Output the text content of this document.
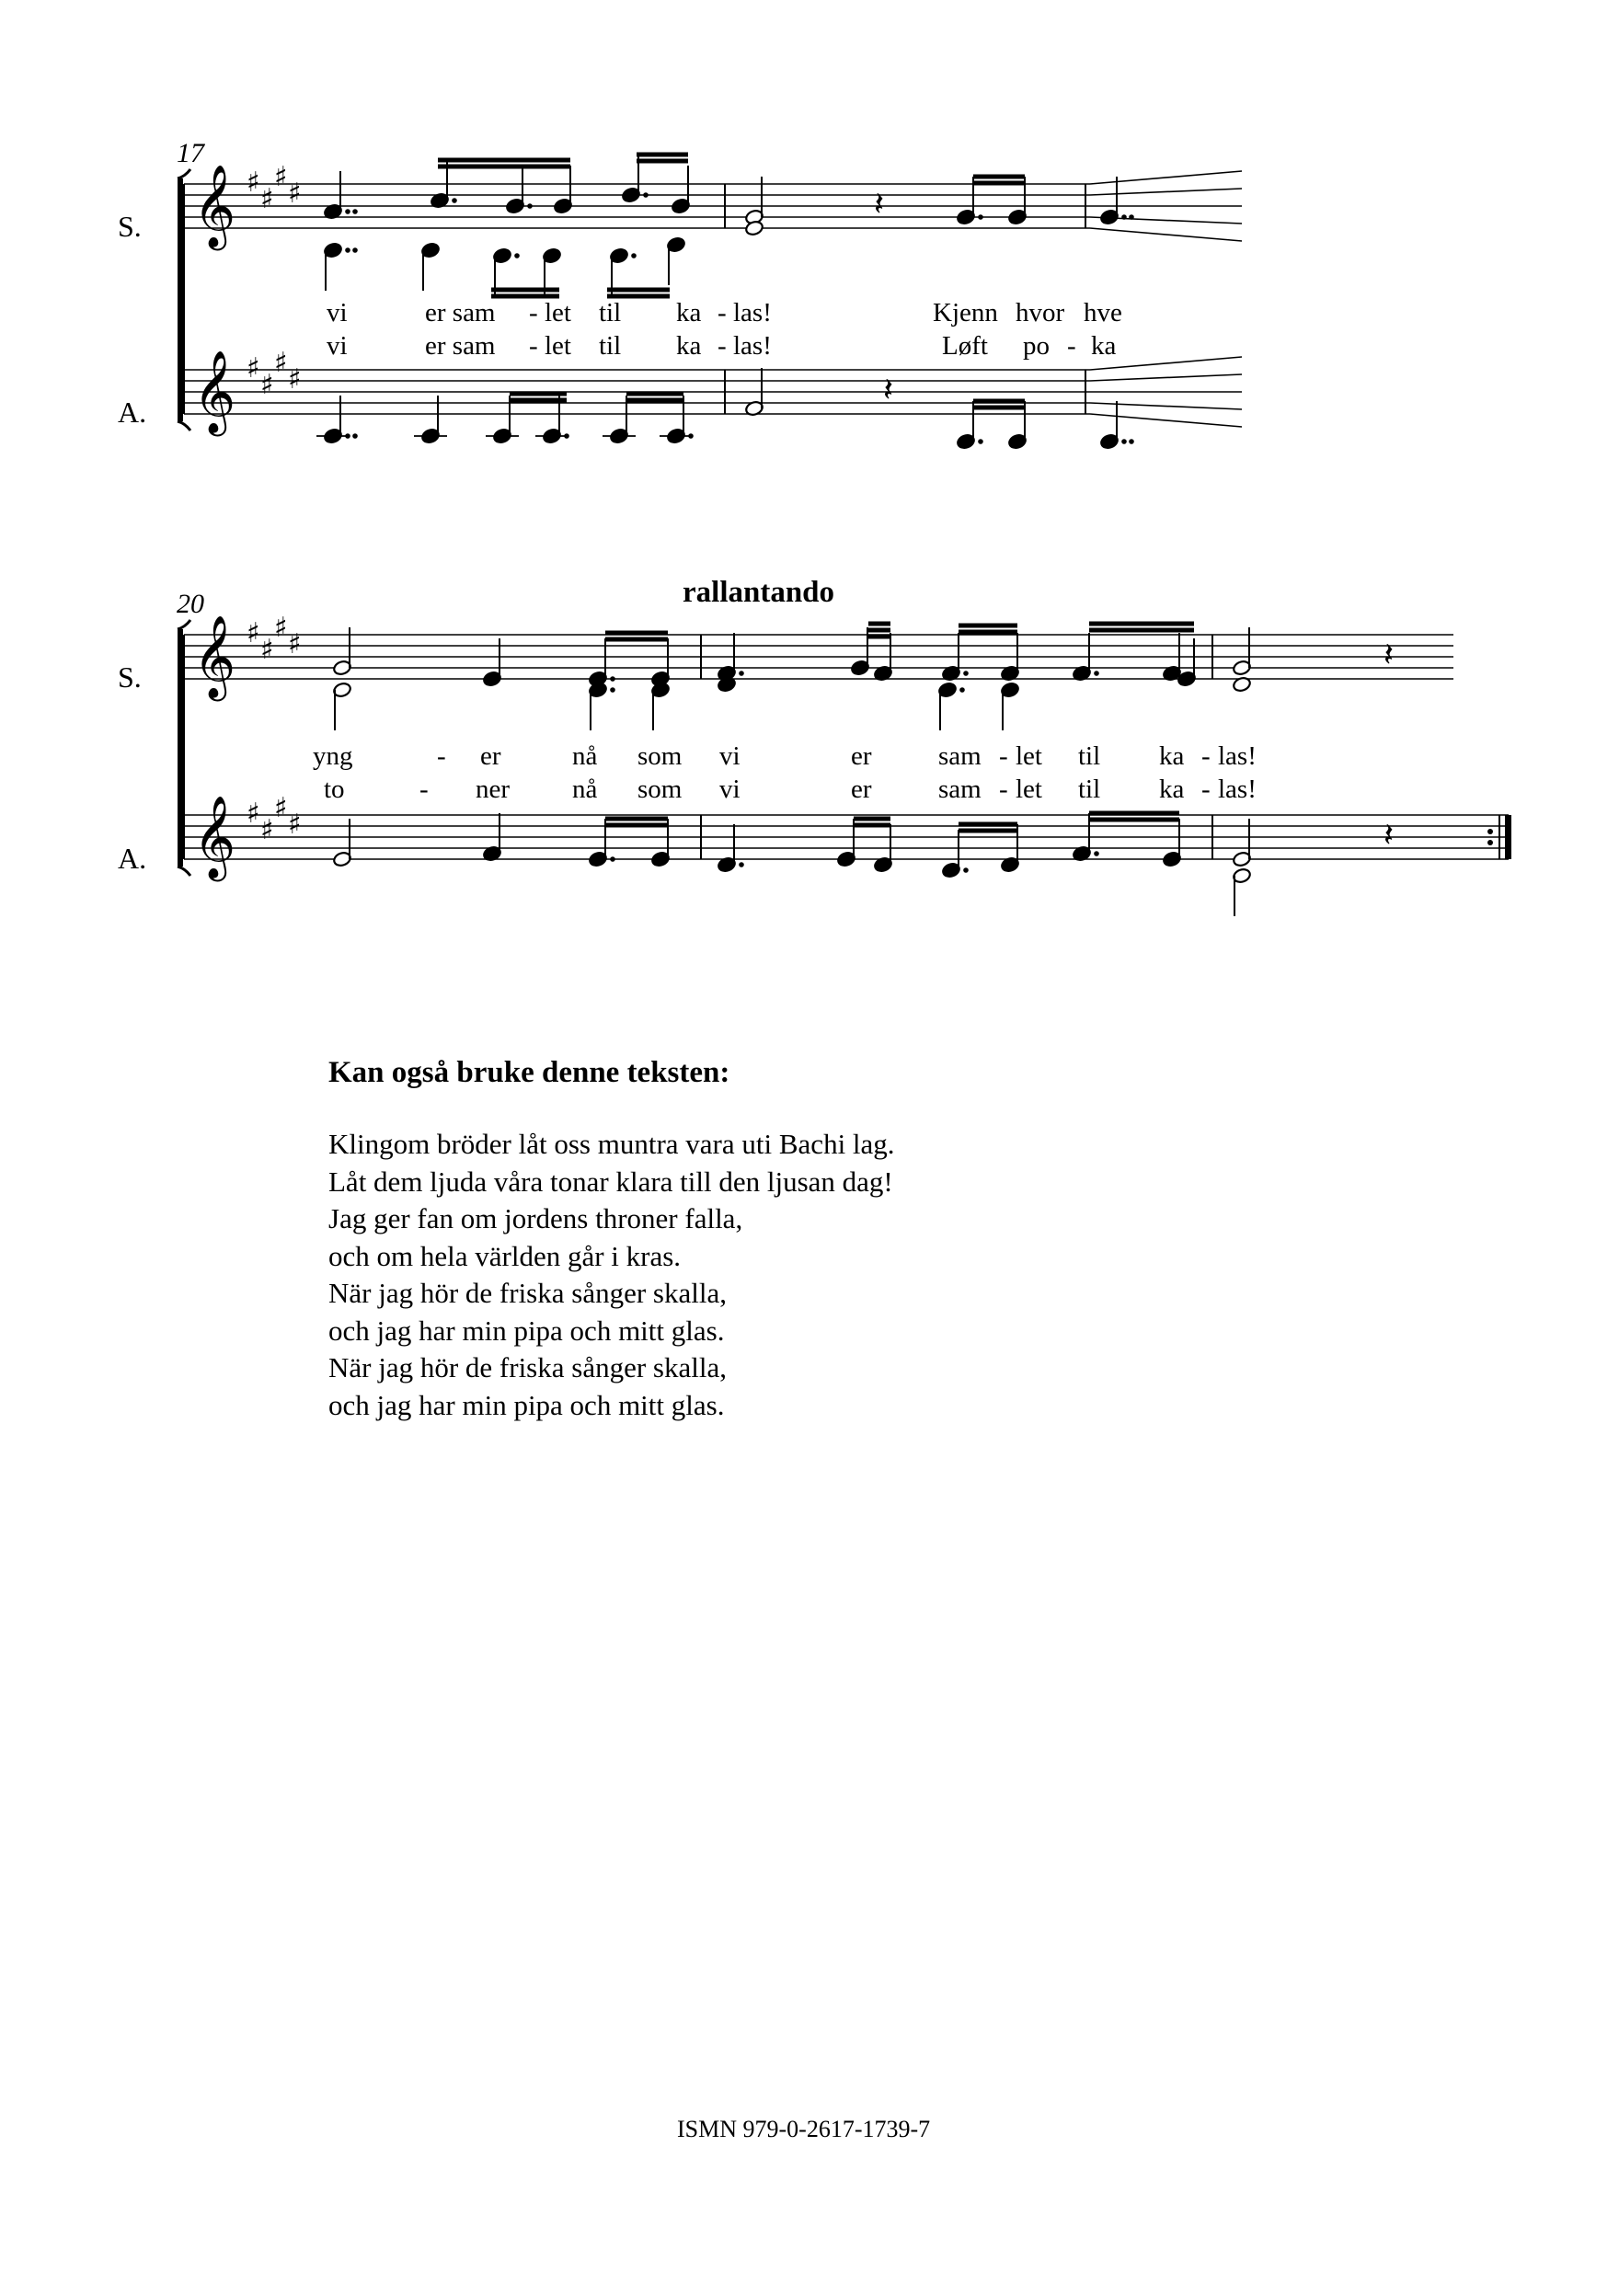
𝄞
𝄞
♯
♯
♯
♯
♯
♯
♯
♯
𝄽
𝄽
𝄞
𝄞
♯
♯
♯
♯
♯
♯
♯
♯
𝄽
𝄽
17
S.
A.
vi	er sam - let til ka - las!	Kjenn hvor hve
vi	er sam - let til ka - las!	Løft po - ka
20	rallantando
S.
A.
yng	- er	nå som vi	er sam - let til ka - las!
to	- ner nå som vi	er sam - let til ka - las!
Kan også bruke denne teksten:
Klingom bröder låt oss muntra vara uti Bachi lag.
Låt dem ljuda våra tonar klara till den ljusan dag!
Jag ger fan om jordens throner falla,
och om hela världen går i kras.
När jag hör de friska sånger skalla,
och jag har min pipa och mitt glas.
När jag hör de friska sånger skalla,
och jag har min pipa och mitt glas.
ISMN 979-0-2617-1739-7
